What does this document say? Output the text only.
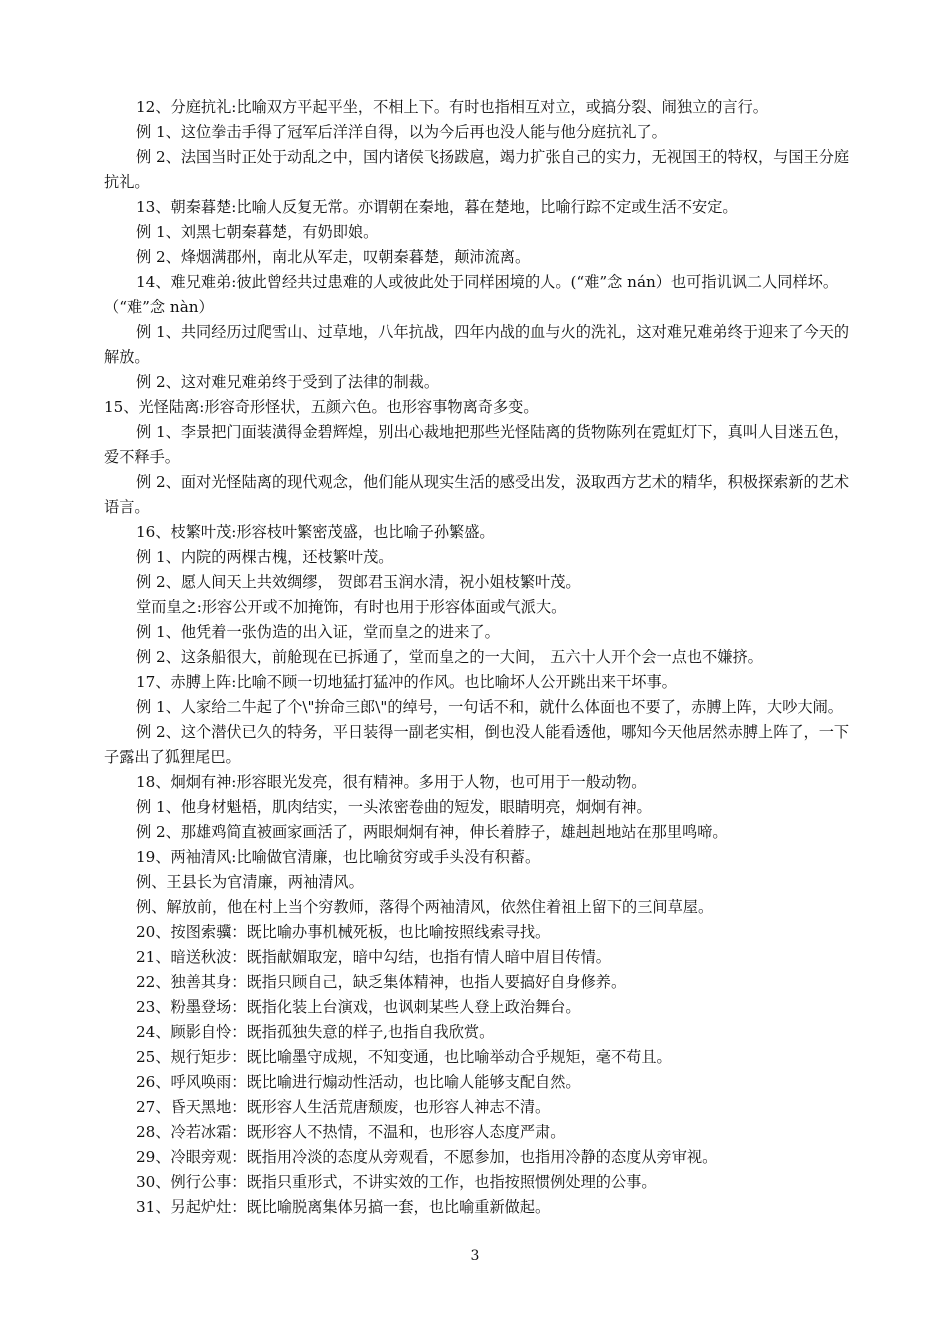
12、分庭抗礼:比喻双方平起平坐，不相上下。有时也指相互对立，或搞分裂、闹独立的言行。

例 1、这位拳击手得了冠军后洋洋自得，以为今后再也没人能与他分庭抗礼了。

例 2、法国当时正处于动乱之中，国内诸侯飞扬跋扈，竭力扩张自己的实力，无视国王的特权，与国王分庭抗礼。

13、朝秦暮楚:比喻人反复无常。亦谓朝在秦地，暮在楚地，比喻行踪不定或生活不安定。

例 1、刘黑七朝秦暮楚，有奶即娘。

例 2、烽烟满郡州，南北从军走，叹朝秦暮楚，颠沛流离。

14、难兄难弟:彼此曾经共过患难的人或彼此处于同样困境的人。(“难”念 nán）也可指讥讽二人同样坏。（“难”念 nàn）

例 1、共同经历过爬雪山、过草地，八年抗战，四年内战的血与火的洗礼，这对难兄难弟终于迎来了今天的解放。

例 2、这对难兄难弟终于受到了法律的制裁。

15、光怪陆离:形容奇形怪状，五颜六色。也形容事物离奇多变。

例 1、李景把门面装潢得金碧辉煌，别出心裁地把那些光怪陆离的货物陈列在霓虹灯下，真叫人目迷五色，爱不释手。

例 2、面对光怪陆离的现代观念，他们能从现实生活的感受出发，汲取西方艺术的精华，积极探索新的艺术语言。

16、枝繁叶茂:形容枝叶繁密茂盛，也比喻子孙繁盛。

例 1、内院的两棵古槐，还枝繁叶茂。

例 2、愿人间天上共效绸缪， 贺郎君玉润水清，祝小姐枝繁叶茂。

堂而皇之:形容公开或不加掩饰，有时也用于形容体面或气派大。

例 1、他凭着一张伪造的出入证，堂而皇之的进来了。

例 2、这条船很大，前舱现在已拆通了，堂而皇之的一大间， 五六十人开个会一点也不嫌挤。

17、赤膊上阵:比喻不顾一切地猛打猛冲的作风。也比喻坏人公开跳出来干坏事。

例 1、人家给二牛起了个\"拚命三郎\"的绰号，一句话不和，就什么体面也不要了，赤膊上阵，大吵大闹。

例 2、这个潜伏已久的特务，平日装得一副老实相，倒也没人能看透他，哪知今天他居然赤膊上阵了，一下子露出了狐狸尾巴。

18、炯炯有神:形容眼光发亮，很有精神。多用于人物，也可用于一般动物。

例 1、他身材魁梧，肌肉结实，一头浓密卷曲的短发，眼睛明亮，炯炯有神。

例 2、那雄鸡简直被画家画活了，两眼炯炯有神，伸长着脖子，雄赳赳地站在那里鸣啼。

19、两袖清风:比喻做官清廉，也比喻贫穷或手头没有积蓄。

例、王县长为官清廉，两袖清风。

例、解放前，他在村上当个穷教师，落得个两袖清风，依然住着祖上留下的三间草屋。

20、按图索骥：既比喻办事机械死板，也比喻按照线索寻找。

21、暗送秋波：既指献媚取宠，暗中勾结，也指有情人暗中眉目传情。

22、独善其身：既指只顾自己，缺乏集体精神，也指人要搞好自身修养。

23、粉墨登场：既指化装上台演戏，也讽刺某些人登上政治舞台。

24、顾影自怜：既指孤独失意的样子,也指自我欣赏。

25、规行矩步：既比喻墨守成规，不知变通，也比喻举动合乎规矩，毫不苟且。

26、呼风唤雨：既比喻进行煽动性活动，也比喻人能够支配自然。

27、昏天黑地：既形容人生活荒唐颓废，也形容人神志不清。

28、冷若冰霜：既形容人不热情，不温和，也形容人态度严肃。

29、冷眼旁观：既指用冷淡的态度从旁观看，不愿参加，也指用冷静的态度从旁审视。

30、例行公事：既指只重形式，不讲实效的工作，也指按照惯例处理的公事。

31、另起炉灶：既比喻脱离集体另搞一套，也比喻重新做起。

3
